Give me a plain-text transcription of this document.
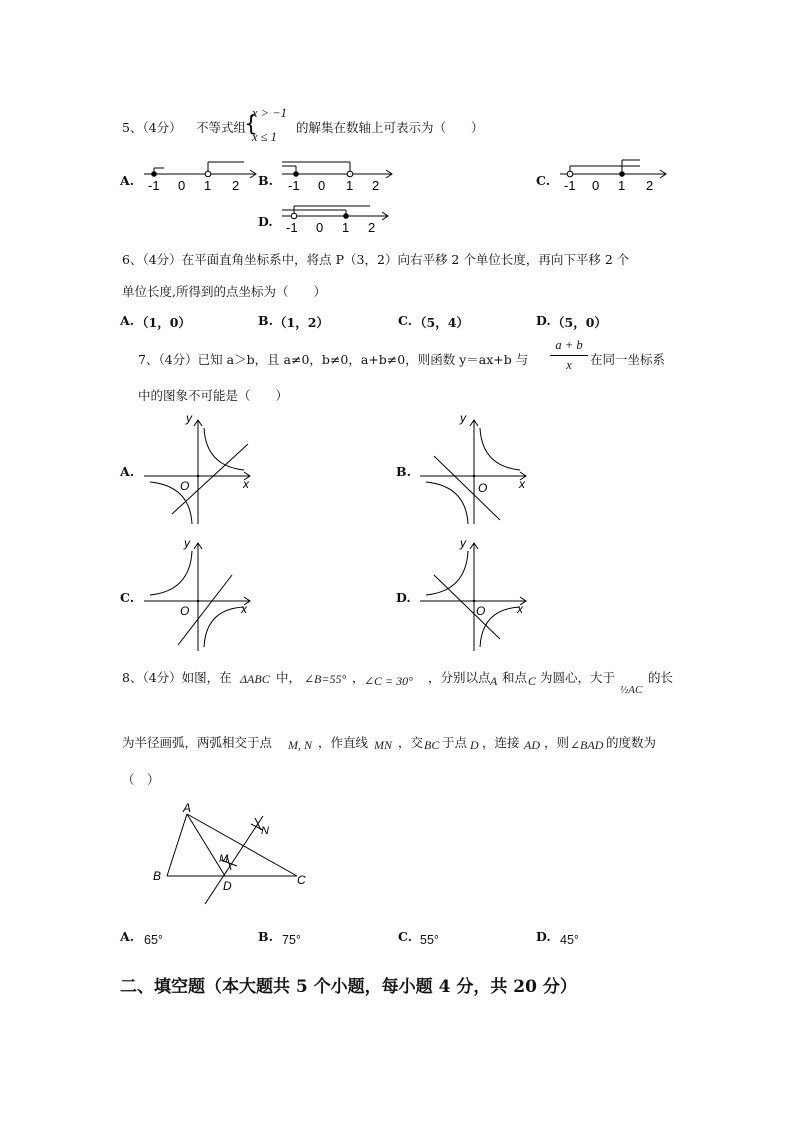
5、（4分） 不等式组
{
x > −1
x ≤ 1
的解集在数轴上可表示为（　　）
A. -1 0 1 2 B. -1 0 1 2	C. -1 0 1 2
D. -1 0 1 2
6、（4分）在平面直角坐标系中，将点 P（3，2）向右平移 2 个单位长度，再向下平移 2 个
单位长度,所得到的点坐标为（　　）
A. （1，0）	B. （1，2）	C. （5，4）	D. （5，0）
7、（4分）已知 a＞b，且 a≠0，b≠0，a+b≠0，则函数 y＝ax+b 与
a + b
x	在同一坐标系
中的图象不可能是（　　）
A.
x
y
O
B.
x
y
O
C.
x
y
O
D.
x
y
O
8、（4分）如图，在 ΔABC 中， ∠B=55° ， ∠C = 30° ，分别以点 A 和点 C 为圆心，大于
½AC
的长
为半径画弧，两弧相交于点 M, N ，作直线 MN ，交 BC 于点 D ，连接 AD ，则 ∠BAD 的度数为
（　）
A
B	C
D
M
N
A. 65°	B. 75°	C. 55°	D. 45°
二、填空题（本大题共 5 个小题，每小题 4 分，共 20 分）
